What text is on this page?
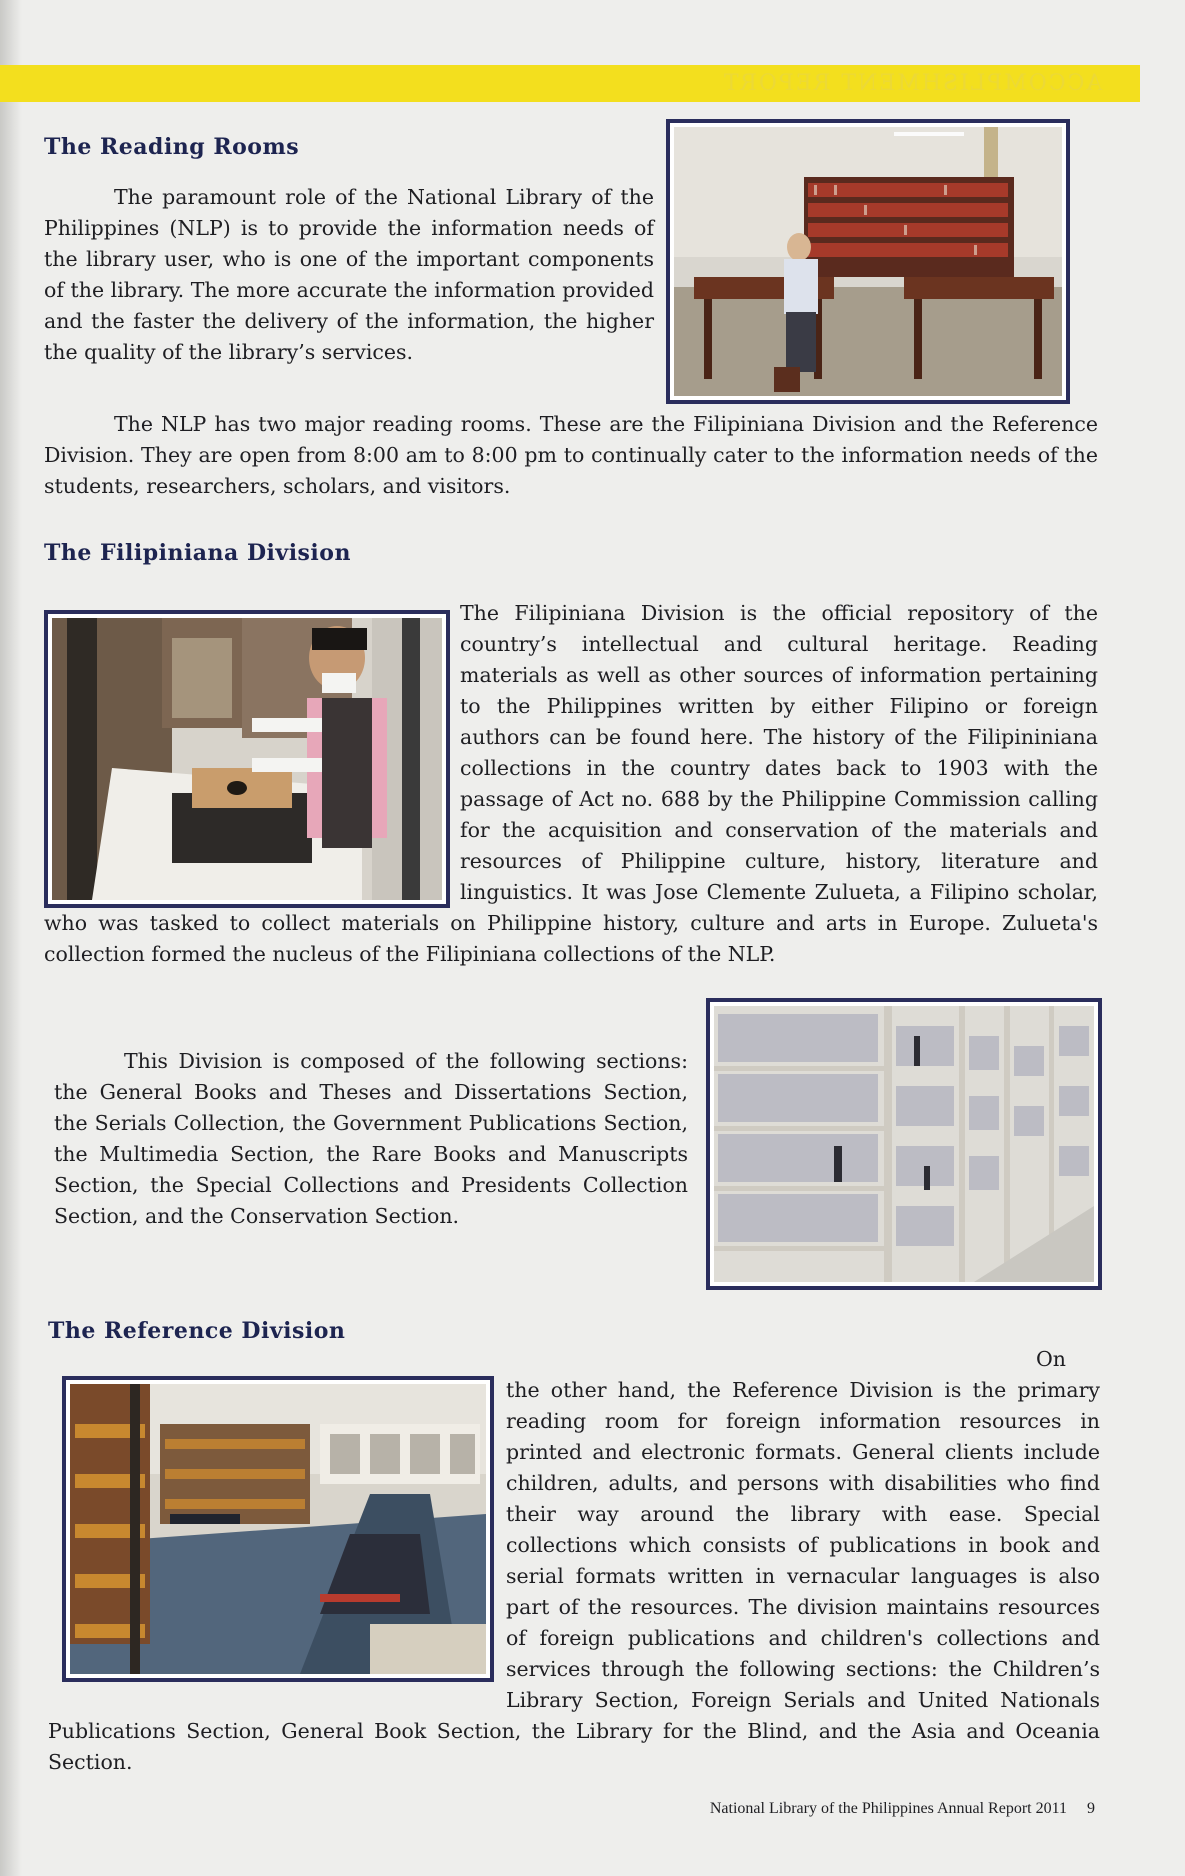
ACCOMPLISHMENT REPORT
The Reading Rooms

The paramount role of the National Library of the Philippines (NLP) is to provide the information needs of the library user, who is one of the important components of the library. The more accurate the information provided and the faster the delivery of the information, the higher the quality of the library’s services.

The NLP has two major reading rooms. These are the Filipiniana Division and the Reference Division. They are open from 8:00 am to 8:00 pm to continually cater to the information needs of the students, researchers, scholars, and visitors.

The Filipiniana Division

The Filipiniana Division is the official repository of the country’s intellectual and cultural heritage. Reading materials as well as other sources of information pertaining to the Philippines written by either Filipino or foreign authors can be found here. The history of the Filipininiana collections in the country dates back to 1903 with the passage of Act no. 688 by the Philippine Commission calling for the acquisition and conservation of the materials and resources of Philippine culture, history, literature and linguistics. It was Jose Clemente Zulueta, a Filipino scholar, who was tasked to collect materials on Philippine history, culture and arts in Europe. Zulueta's collection formed the nucleus of the Filipiniana collections of the NLP.

This Division is composed of the following sections: the General Books and Theses and Dissertations Section, the Serials Collection, the Government Publications Section, the Multimedia Section, the Rare Books and Manuscripts Section, the Special Collections and Presidents Collection Section, and the Conservation Section.

The Reference Division

On the other hand, the Reference Division is the primary reading room for foreign information resources in printed and electronic formats. General clients include children, adults, and persons with disabilities who find their way around the library with ease. Special collections which consists of publications in book and serial formats written in vernacular languages is also part of the resources. The division maintains resources of foreign publications and children's collections and services through the following sections: the Children’s Library Section, Foreign Serials and United Nationals Publications Section, General Book Section, the Library for the Blind, and the Asia and Oceania Section.

National Library of the Philippines Annual Report 2011 9
